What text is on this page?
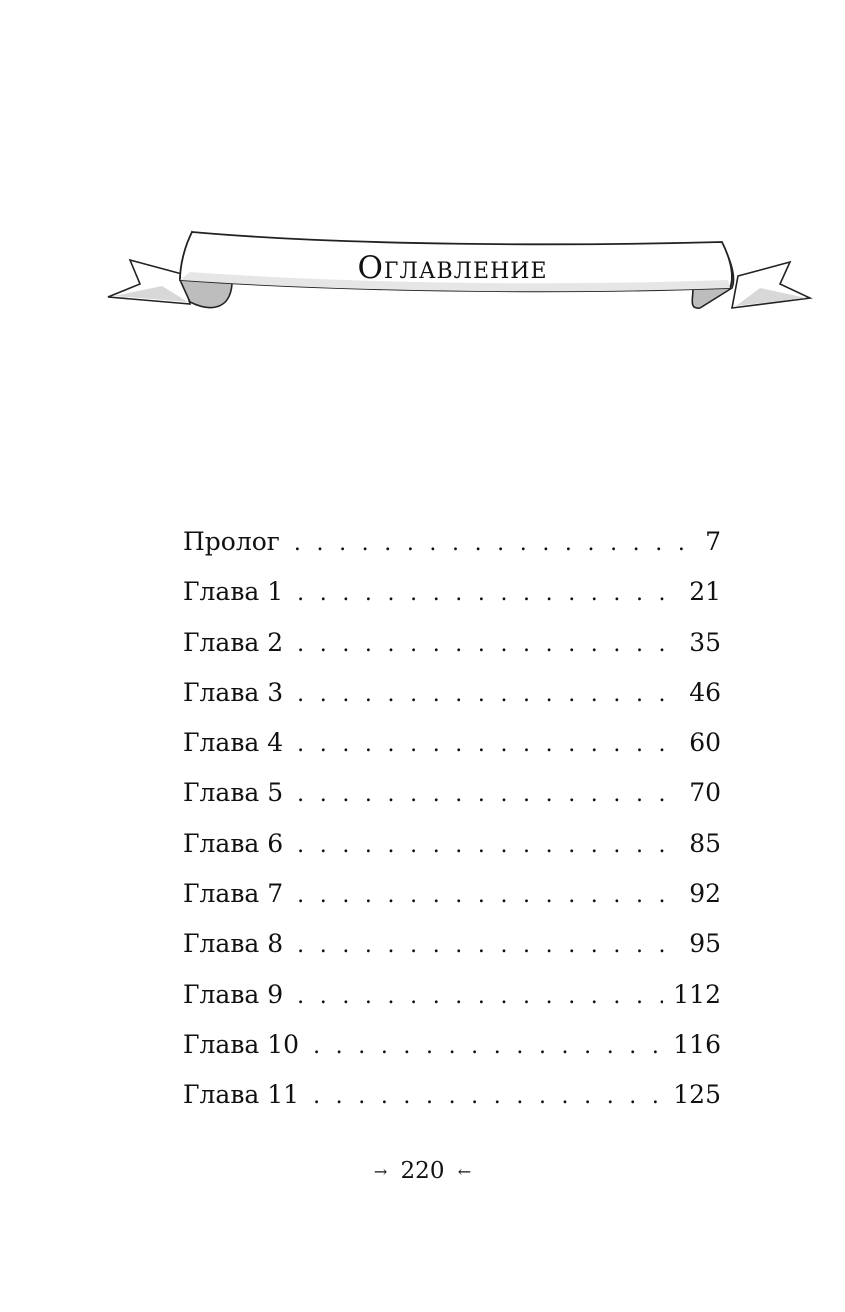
Оглавление
Пролог . . .	7
Глава 1 . . .	21
Глава 2 . . .	35
Глава 3 . . .	46
Глава 4 . . .	60
Глава 5 . . .	70
Глава 6 . . .	85
Глава 7 . . .	92
Глава 8 . . .	95
Глава 9 . . .	112
Глава 10 . . .	116
Глава 11 . . .	125
→ 220 ←
